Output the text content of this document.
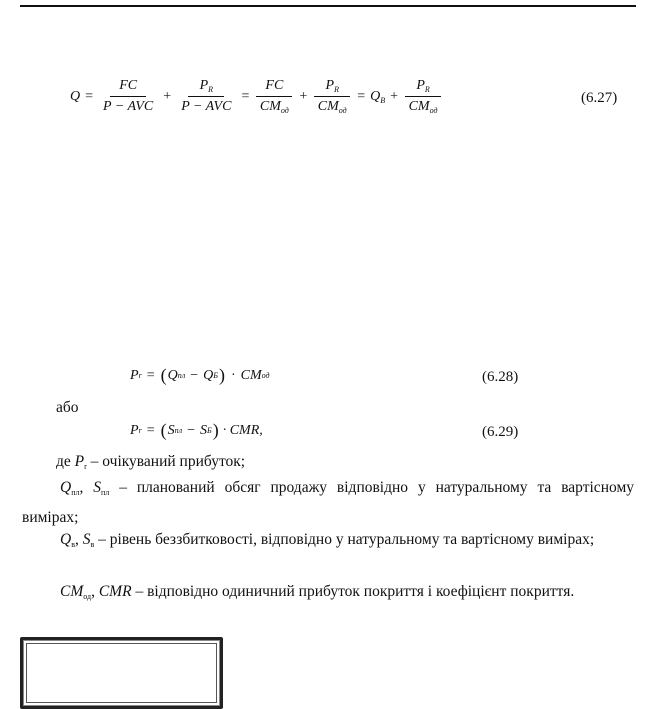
$Q = \frac{FC}{\text{P − AVC}} + \frac{P_R}{\text{P − AVC}} = \frac{FC}{CM_{од}} + \frac{P_R}{CM_{од}} = Q_B + \frac{P_R}{CM_{од}}$	(6.27)
P r = ( Q пл − Q Б ) · CM од	(6.28)
або
P r = ( S пл − S Б ) · CMR,	(6.29)
де $P_r$ – очікуваний прибуток;
$Q_{пл}$, $S_{пл}$ – планований обсяг продажу відповідно у натуральному та вартісному вимірах;
$Q_в$, $S_в$ – рівень беззбитковості, відповідно у натуральному та вартісному вимірах;
$CM_{од}$, CMR – відповідно одиничний прибуток покриття і коефіцієнт покриття.
